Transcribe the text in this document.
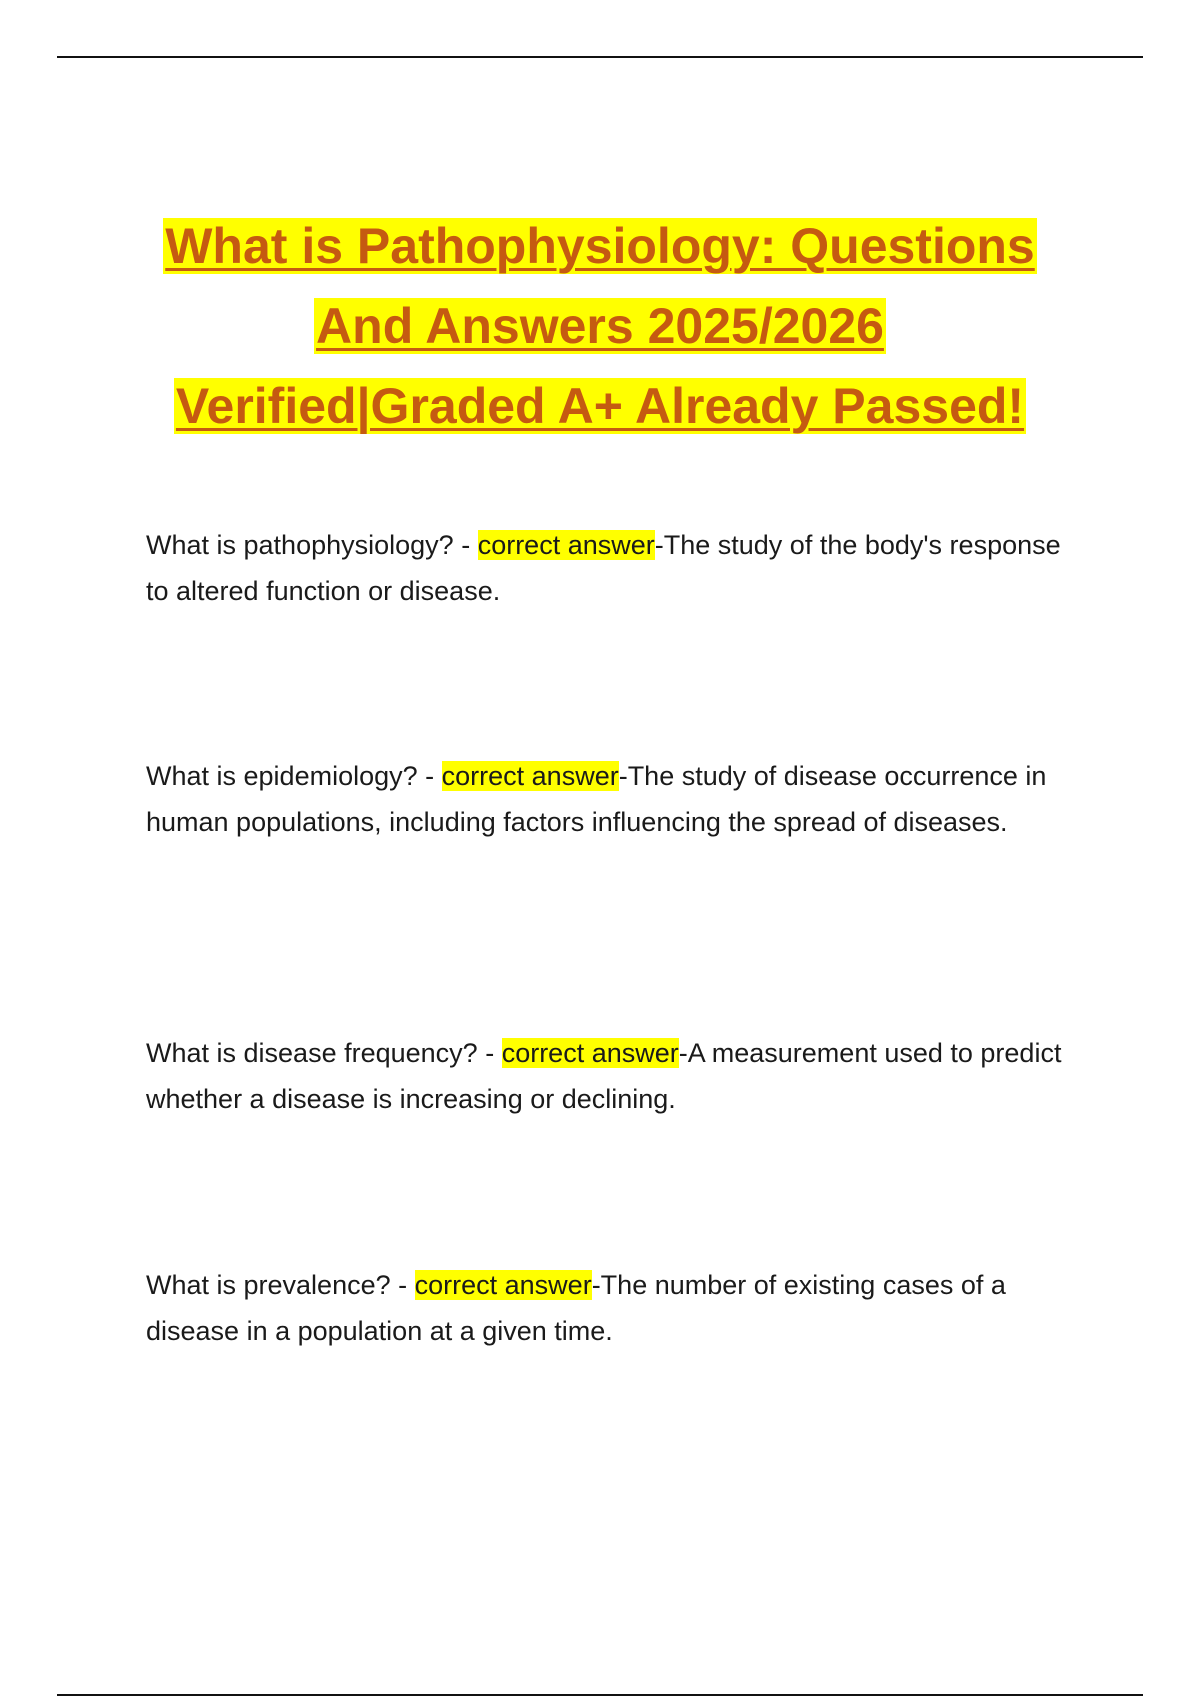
What is Pathophysiology: Questions
And Answers 2025/2026
Verified|Graded A+ Already Passed!

What is pathophysiology? - correct answer-The study of the body's response to altered function or disease.

What is epidemiology? - correct answer-The study of disease occurrence in human populations, including factors influencing the spread of diseases.

What is disease frequency? - correct answer-A measurement used to predict whether a disease is increasing or declining.

What is prevalence? - correct answer-The number of existing cases of a disease in a population at a given time.
